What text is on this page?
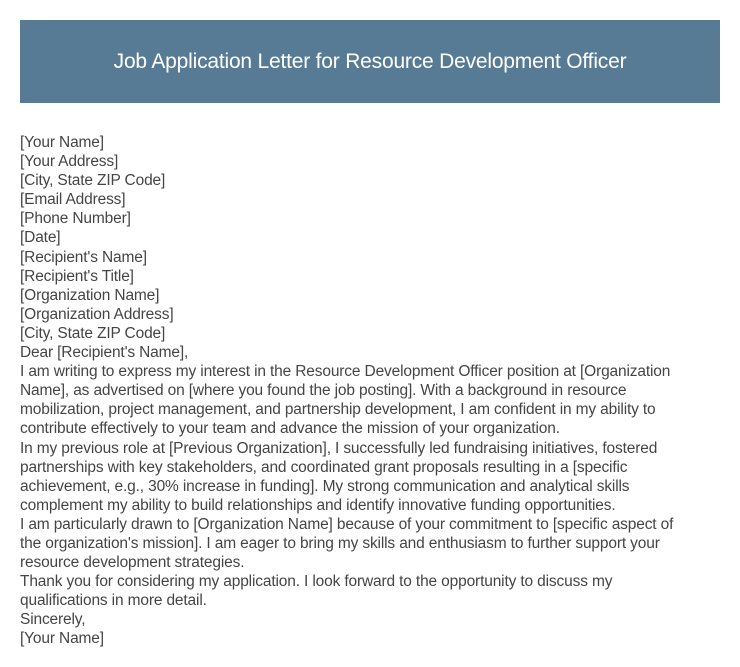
Job Application Letter for Resource Development Officer
[Your Name]
[Your Address]
[City, State ZIP Code]
[Email Address]
[Phone Number]
[Date]
[Recipient's Name]
[Recipient's Title]
[Organization Name]
[Organization Address]
[City, State ZIP Code]
Dear [Recipient's Name],
I am writing to express my interest in the Resource Development Officer position at [Organization
Name], as advertised on [where you found the job posting]. With a background in resource
mobilization, project management, and partnership development, I am confident in my ability to
contribute effectively to your team and advance the mission of your organization.
In my previous role at [Previous Organization], I successfully led fundraising initiatives, fostered
partnerships with key stakeholders, and coordinated grant proposals resulting in a [specific
achievement, e.g., 30% increase in funding]. My strong communication and analytical skills
complement my ability to build relationships and identify innovative funding opportunities.
I am particularly drawn to [Organization Name] because of your commitment to [specific aspect of
the organization's mission]. I am eager to bring my skills and enthusiasm to further support your
resource development strategies.
Thank you for considering my application. I look forward to the opportunity to discuss my
qualifications in more detail.
Sincerely,
[Your Name]
